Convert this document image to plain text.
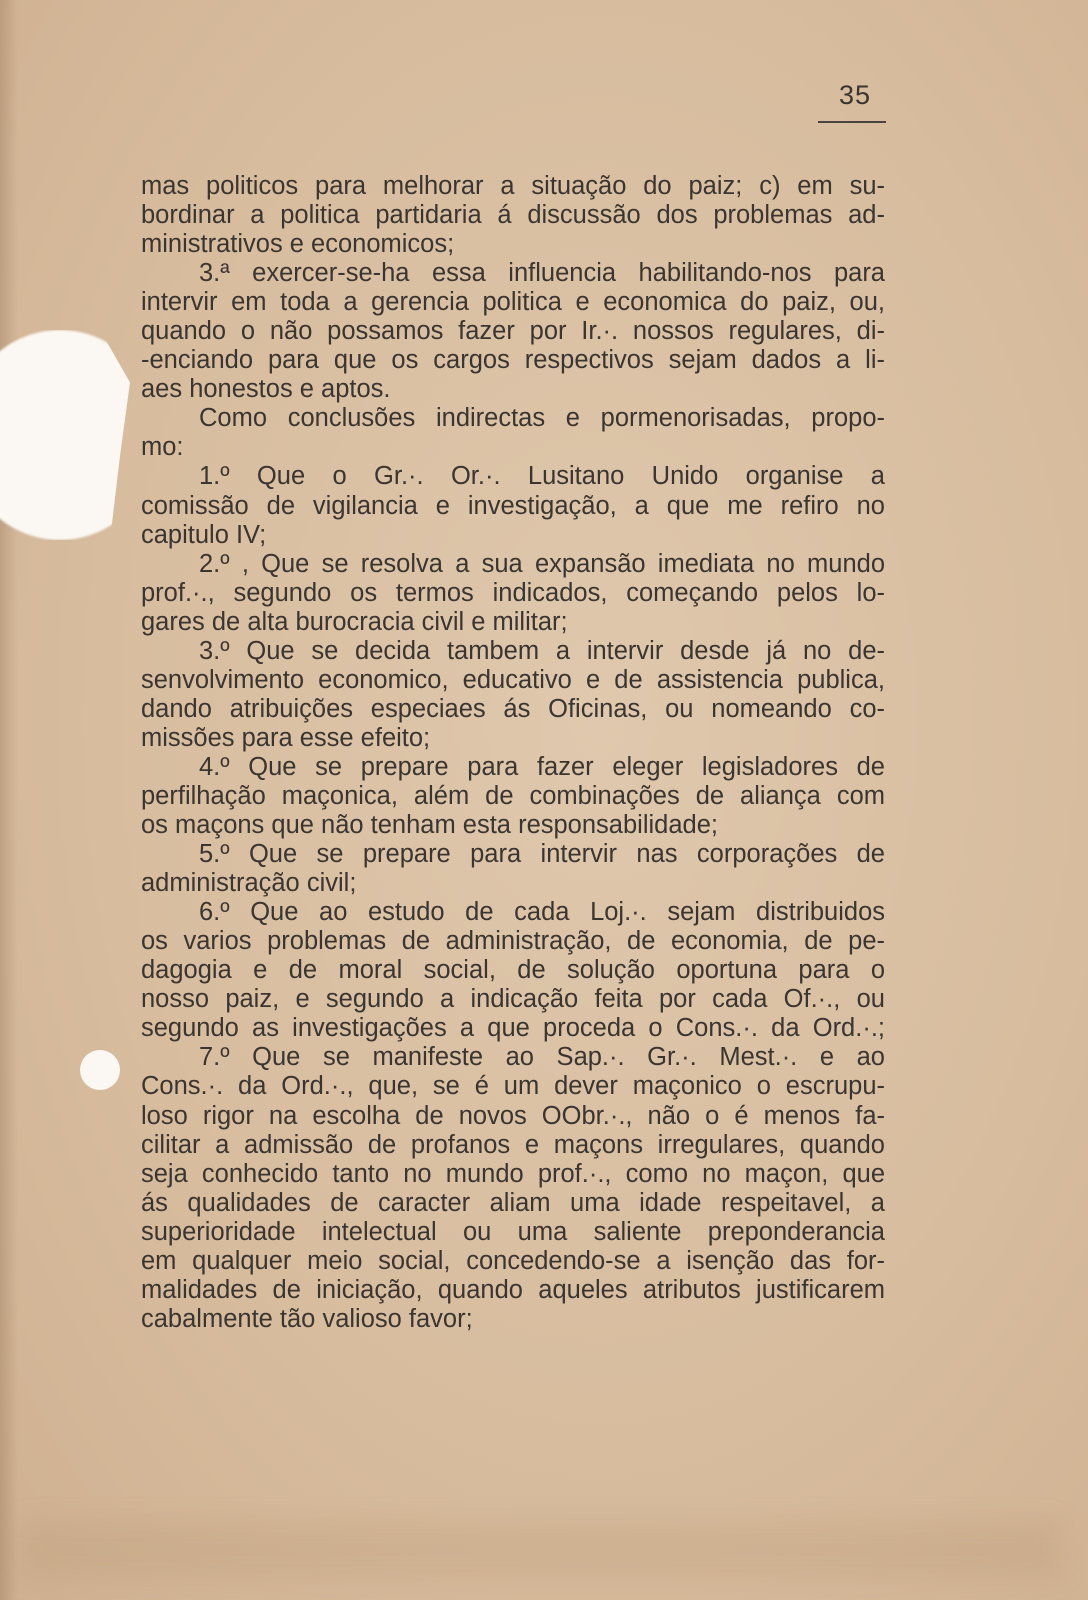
35
mas politicos para melhorar a situação do paiz; c) em su-
bordinar a politica partidaria á discussão dos problemas ad-
ministrativos e economicos;
3.ª exercer-se-ha essa influencia habilitando-nos para
intervir em toda a gerencia politica e economica do paiz, ou,
quando o não possamos fazer por Ir.·. nossos regulares, di-
-enciando para que os cargos respectivos sejam dados a li-
aes honestos e aptos.
Como conclusões indirectas e pormenorisadas, propo-
mo:
1.º Que o Gr.·. Or.·. Lusitano Unido organise a
comissão de vigilancia e investigação, a que me refiro no
capitulo IV;
2.º , Que se resolva a sua expansão imediata no mundo
prof.·., segundo os termos indicados, começando pelos lo-
gares de alta burocracia civil e militar;
3.º Que se decida tambem a intervir desde já no de-
senvolvimento economico, educativo e de assistencia publica,
dando atribuições especiaes ás Oficinas, ou nomeando co-
missões para esse efeito;
4.º Que se prepare para fazer eleger legisladores de
perfilhação maçonica, além de combinações de aliança com
os maçons que não tenham esta responsabilidade;
5.º Que se prepare para intervir nas corporações de
administração civil;
6.º Que ao estudo de cada Loj.·. sejam distribuidos
os varios problemas de administração, de economia, de pe-
dagogia e de moral social, de solução oportuna para o
nosso paiz, e segundo a indicação feita por cada Of.·., ou
segundo as investigações a que proceda o Cons.·. da Ord.·.;
7.º Que se manifeste ao Sap.·. Gr.·. Mest.·. e ao
Cons.·. da Ord.·., que, se é um dever maçonico o escrupu-
loso rigor na escolha de novos OObr.·., não o é menos fa-
cilitar a admissão de profanos e maçons irregulares, quando
seja conhecido tanto no mundo prof.·., como no maçon, que
ás qualidades de caracter aliam uma idade respeitavel, a
superioridade intelectual ou uma saliente preponderancia
em qualquer meio social, concedendo-se a isenção das for-
malidades de iniciação, quando aqueles atributos justificarem
cabalmente tão valioso favor;
